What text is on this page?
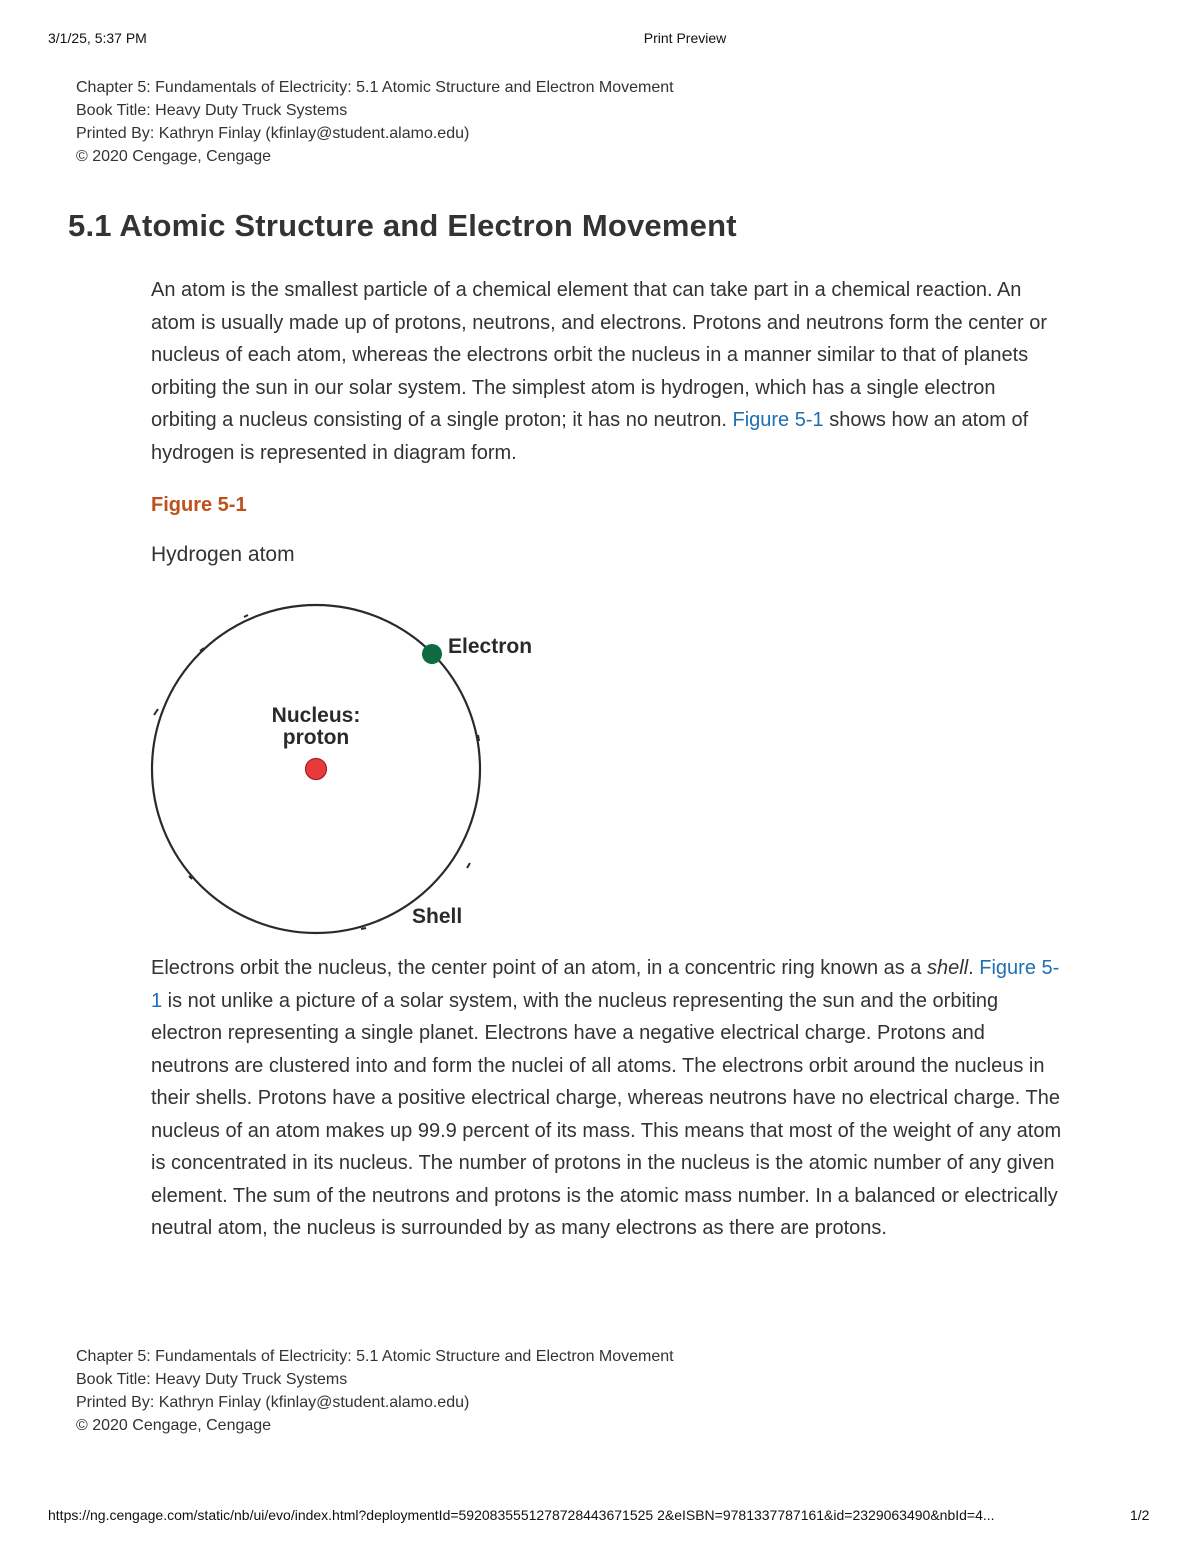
3/1/25, 5:37 PM	Print Preview
Chapter 5: Fundamentals of Electricity: 5.1 Atomic Structure and Electron Movement
Book Title: Heavy Duty Truck Systems
Printed By: Kathryn Finlay (kfinlay@student.alamo.edu)
© 2020 Cengage, Cengage
5.1 Atomic Structure and Electron Movement

An atom is the smallest particle of a chemical element that can take part in a chemical reaction. An atom is usually made up of protons, neutrons, and electrons. Protons and neutrons form the center or nucleus of each atom, whereas the electrons orbit the nucleus in a manner similar to that of planets orbiting the sun in our solar system. The simplest atom is hydrogen, which has a single electron orbiting a nucleus consisting of a single proton; it has no neutron. Figure 5-1 shows how an atom of hydrogen is represented in diagram form.

Figure 5-1
Hydrogen atom
Electron
Nucleus:
proton
Shell

Electrons orbit the nucleus, the center point of an atom, in a concentric ring known as a shell. Figure 5-1 is not unlike a picture of a solar system, with the nucleus representing the sun and the orbiting electron representing a single planet. Electrons have a negative electrical charge. Protons and neutrons are clustered into and form the nuclei of all atoms. The electrons orbit around the nucleus in their shells. Protons have a positive electrical charge, whereas neutrons have no electrical charge. The nucleus of an atom makes up 99.9 percent of its mass. This means that most of the weight of any atom is concentrated in its nucleus. The number of protons in the nucleus is the atomic number of any given element. The sum of the neutrons and protons is the atomic mass number. In a balanced or electrically neutral atom, the nucleus is surrounded by as many electrons as there are protons.

Chapter 5: Fundamentals of Electricity: 5.1 Atomic Structure and Electron Movement
Book Title: Heavy Duty Truck Systems
Printed By: Kathryn Finlay (kfinlay@student.alamo.edu)
© 2020 Cengage, Cengage
https://ng.cengage.com/static/nb/ui/evo/index.html?deploymentId=5920835551278728443671525 2&eISBN=9781337787161&id=2329063490&nbId=4...	1/2
